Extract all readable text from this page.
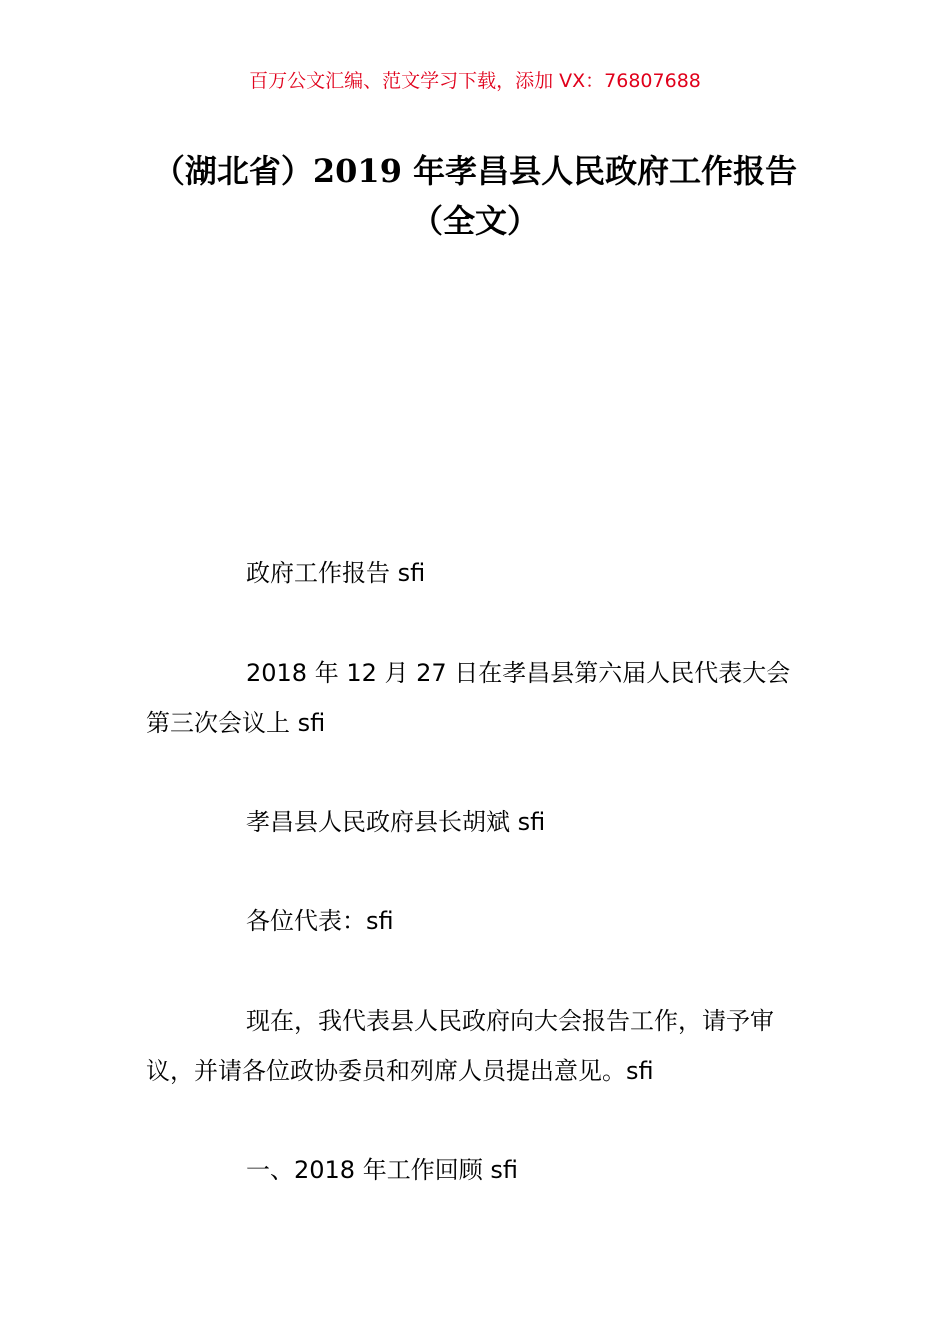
百万公文汇编、范文学习下载，添加 VX：76807688
（湖北省）2019 年孝昌县人民政府工作报告（全文）
政府工作报告 sfi
2018 年 12 月 27 日在孝昌县第六届人民代表大会第三次会议上 sfi
孝昌县人民政府县长胡斌 sfi
各位代表：sfi
现在，我代表县人民政府向大会报告工作，请予审议，并请各位政协委员和列席人员提出意见。sfi
一、2018 年工作回顾 sfi
